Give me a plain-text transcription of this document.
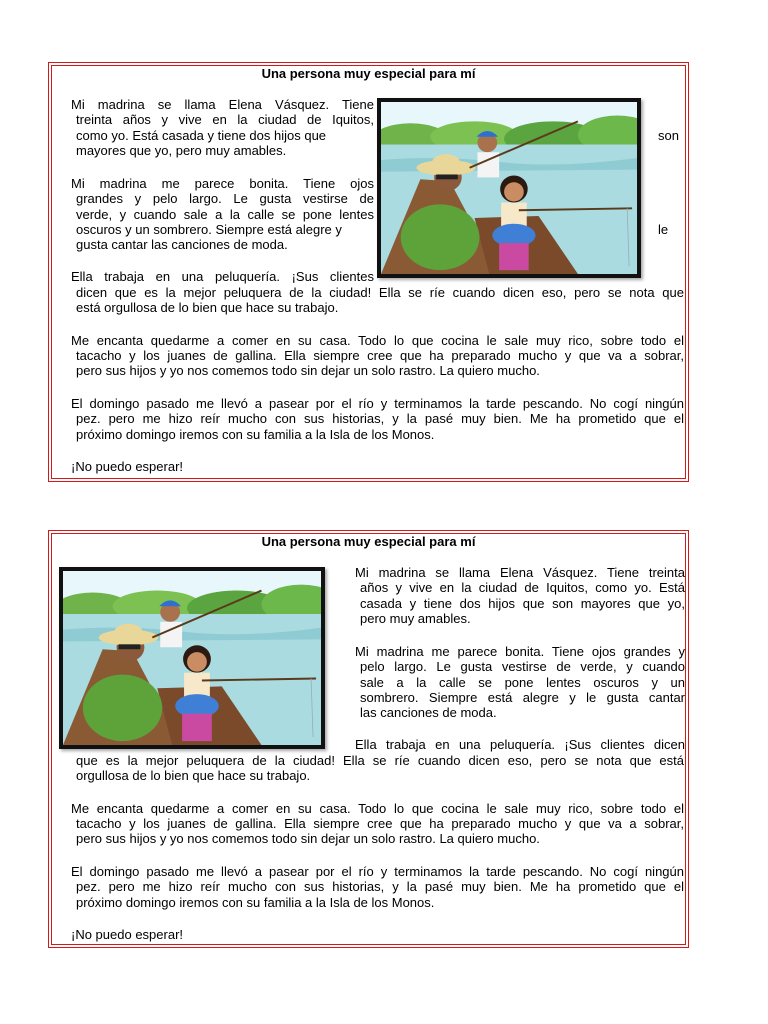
Una persona muy especial para mí
Mi madrina se llama Elena Vásquez. Tiene
treinta años y vive en la ciudad de Iquitos,
como yo. Está casada y tiene dos hijos que	son
mayores que yo, pero muy amables.
Mi madrina me parece bonita. Tiene ojos
grandes y pelo largo. Le gusta vestirse de
verde, y cuando sale a la calle se pone lentes
oscuros y un sombrero. Siempre está alegre y	le
gusta cantar las canciones de moda.
Ella trabaja en una peluquería. ¡Sus clientes
dicen que es la mejor peluquera de la ciudad! Ella se ríe cuando dicen eso, pero se nota que
está orgullosa de lo bien que hace su trabajo.
Me encanta quedarme a comer en su casa. Todo lo que cocina le sale muy rico, sobre todo el
tacacho y los juanes de gallina. Ella siempre cree que ha preparado mucho y que va a sobrar,
pero sus hijos y yo nos comemos todo sin dejar un solo rastro. La quiero mucho.
El domingo pasado me llevó a pasear por el río y terminamos la tarde pescando. No cogí ningún
pez. pero me hizo reír mucho con sus historias, y la pasé muy bien. Me ha prometido que el
próximo domingo iremos con su familia a la Isla de los Monos.
¡No puedo esperar!
Una persona muy especial para mí
Mi madrina se llama Elena Vásquez. Tiene treinta
años y vive en la ciudad de Iquitos, como yo. Está
casada y tiene dos hijos que son mayores que yo,
pero muy amables.
Mi madrina me parece bonita. Tiene ojos grandes y
pelo largo. Le gusta vestirse de verde, y cuando
sale a la calle se pone lentes oscuros y un
sombrero. Siempre está alegre y le gusta cantar
las canciones de moda.
Ella trabaja en una peluquería. ¡Sus clientes dicen
que es la mejor peluquera de la ciudad! Ella se ríe cuando dicen eso, pero se nota que está
orgullosa de lo bien que hace su trabajo.
Me encanta quedarme a comer en su casa. Todo lo que cocina le sale muy rico, sobre todo el
tacacho y los juanes de gallina. Ella siempre cree que ha preparado mucho y que va a sobrar,
pero sus hijos y yo nos comemos todo sin dejar un solo rastro. La quiero mucho.
El domingo pasado me llevó a pasear por el río y terminamos la tarde pescando. No cogí ningún
pez. pero me hizo reír mucho con sus historias, y la pasé muy bien. Me ha prometido que el
próximo domingo iremos con su familia a la Isla de los Monos.
¡No puedo esperar!
